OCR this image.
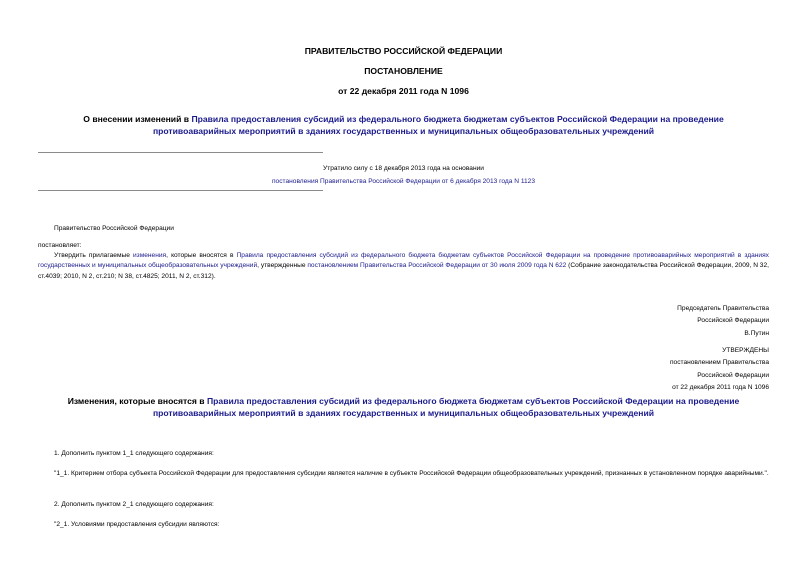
ПРАВИТЕЛЬСТВО РОССИЙСКОЙ ФЕДЕРАЦИИ
ПОСТАНОВЛЕНИЕ
от 22 декабря 2011 года N 1096
О внесении изменений в Правила предоставления субсидий из федерального бюджета бюджетам субъектов Российской Федерации на проведение
противоаварийных мероприятий в зданиях государственных и муниципальных общеобразовательных учреждений
Утратило силу с 18 декабря 2013 года на основании
постановления Правительства Российской Федерации от 6 декабря 2013 года N 1123
Правительство Российской Федерации
постановляет:
Утвердить прилагаемые изменения, которые вносятся в Правила предоставления субсидий из федерального бюджета бюджетам субъектов Российской Федерации на проведение противоаварийных мероприятий в зданиях государственных и муниципальных общеобразовательных учреждений, утвержденные постановлением Правительства Российской Федерации от 30 июля 2009 года N 622 (Собрание законодательства Российской Федерации, 2009, N 32, ст.4039; 2010, N 2, ст.210; N 38, ст.4825; 2011, N 2, ст.312).
Председатель Правительства
Российской Федерации
В.Путин
УТВЕРЖДЕНЫ
постановлением Правительства
Российской Федерации
от 22 декабря 2011 года N 1096
Изменения, которые вносятся в Правила предоставления субсидий из федерального бюджета бюджетам субъектов Российской Федерации на проведение
противоаварийных мероприятий в зданиях государственных и муниципальных общеобразовательных учреждений
1. Дополнить пунктом 1_1 следующего содержания:
"1_1. Критерием отбора субъекта Российской Федерации для предоставления субсидии является наличие в субъекте Российской Федерации общеобразовательных учреждений, признанных в установленном порядке аварийными.".
2. Дополнить пунктом 2_1 следующего содержания:
"2_1. Условиями предоставления субсидии являются:
